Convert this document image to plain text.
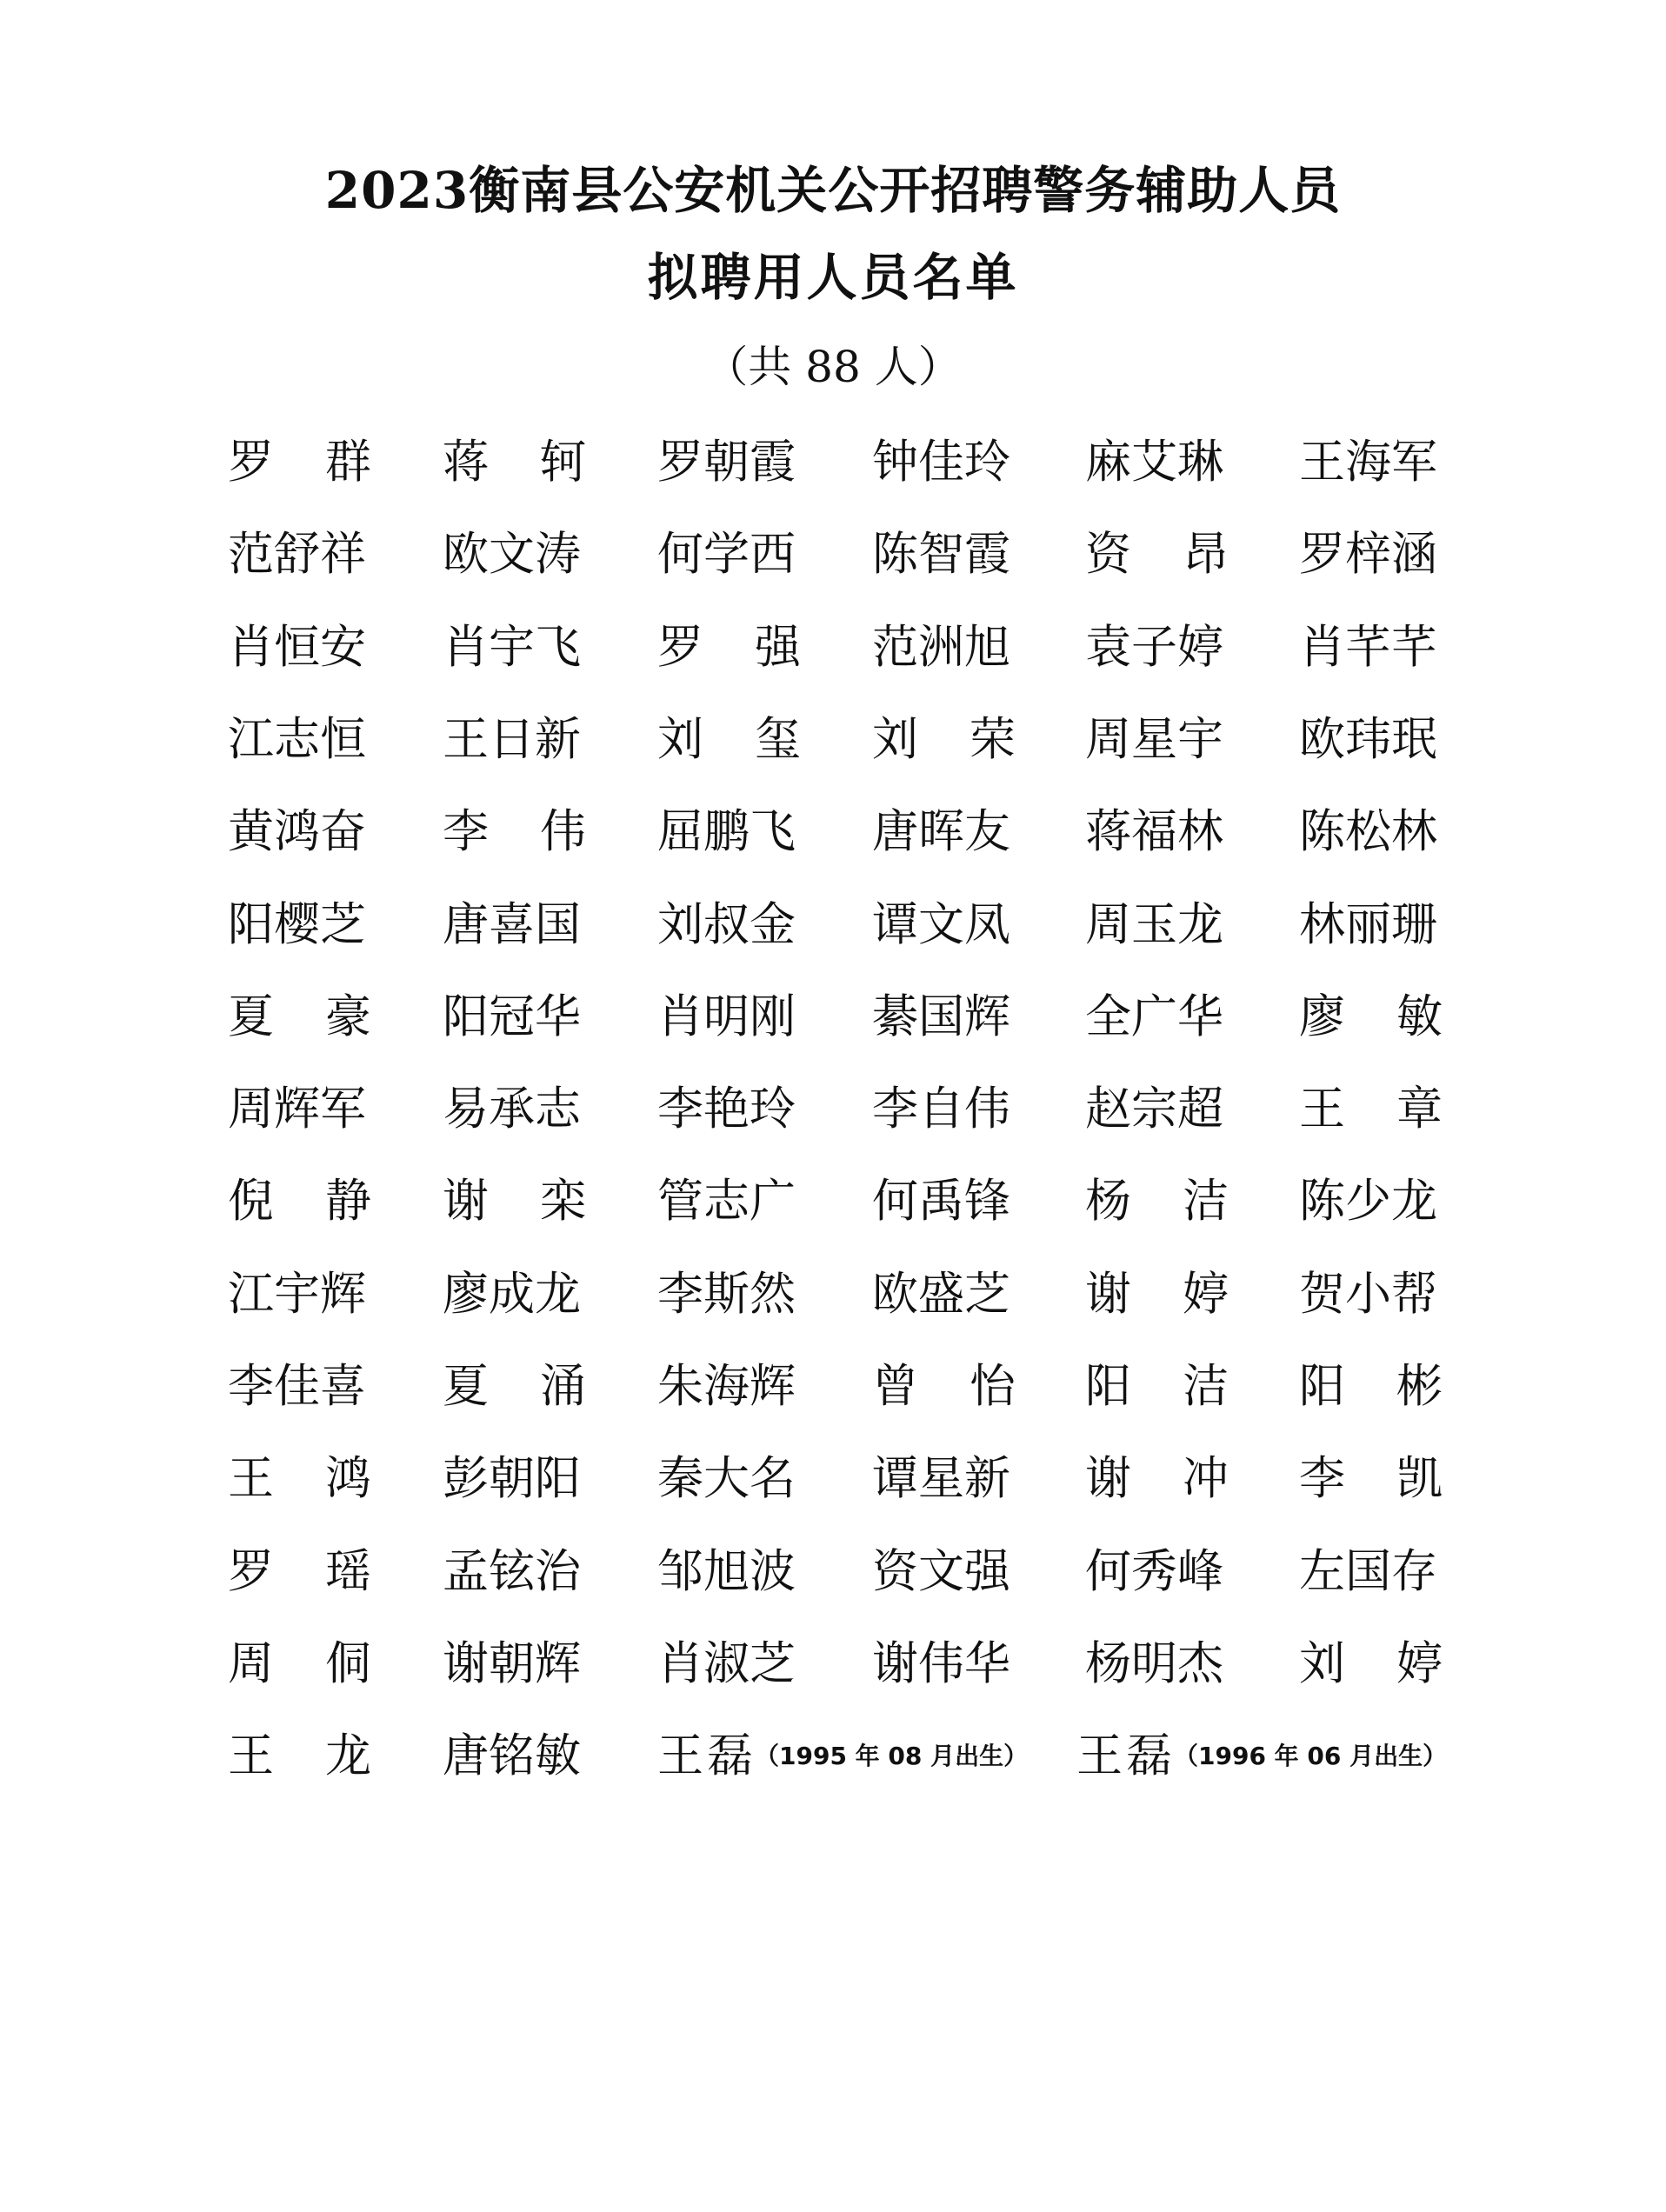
2023衡南县公安机关公开招聘警务辅助人员
拟聘用人员名单
（共 88 人）
罗 群 蒋 轲 罗朝霞 钟佳玲 麻艾琳 王海军
范舒祥 欧文涛 何学西 陈智霞 资 昂 罗梓涵
肖恒安 肖宇飞 罗 强 范洲旭 袁子婷 肖芊芊
江志恒 王日新 刘 玺 刘 荣 周星宇 欧玮珉
黄鸿奋 李 伟 屈鹏飞 唐晖友 蒋福林 陈松林
阳樱芝 唐喜国 刘叔金 谭文凤 周玉龙 林丽珊
夏 豪 阳冠华 肖明刚 綦国辉 全广华 廖 敏
周辉军 易承志 李艳玲 李自伟 赵宗超 王 章
倪 静 谢 栾 管志广 何禹锋 杨 洁 陈少龙
江宇辉 廖成龙 李斯然 欧盛芝 谢 婷 贺小帮
李佳喜 夏 涌 朱海辉 曾 怡 阳 洁 阳 彬
王 鸿 彭朝阳 秦大名 谭星新 谢 冲 李 凯
罗 瑶 孟铉治 邹旭波 资文强 何秀峰 左国存
周 侗 谢朝辉 肖淑芝 谢伟华 杨明杰 刘 婷
王 龙 唐铭敏 王 磊 （1995 年 08 月出生） 王 磊 （1996 年 06 月出生）
